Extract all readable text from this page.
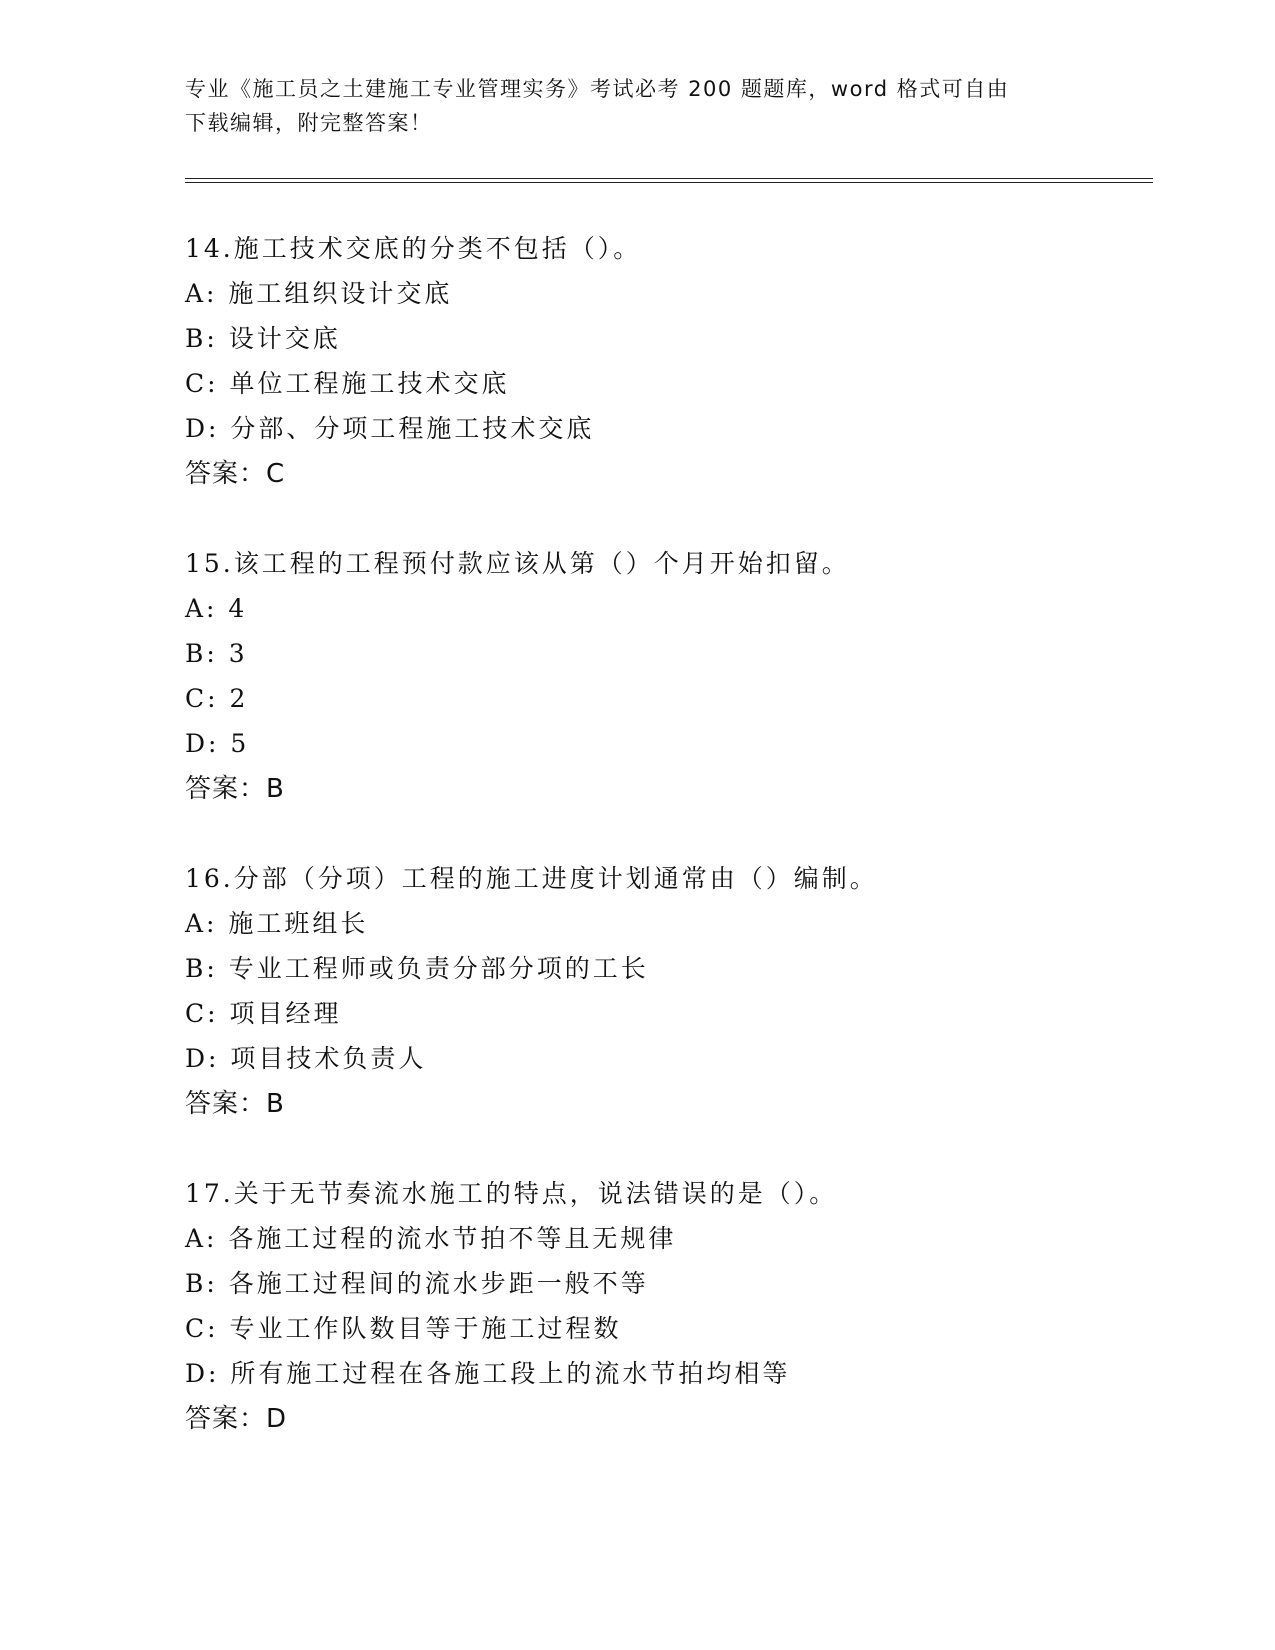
专业《施工员之土建施工专业管理实务》考试必考 200 题题库，word 格式可自由
下载编辑，附完整答案！
14.施工技术交底的分类不包括（）。
A: 施工组织设计交底
B: 设计交底
C: 单位工程施工技术交底
D: 分部、分项工程施工技术交底
答案：C
15.该工程的工程预付款应该从第（）个月开始扣留。
A: 4
B: 3
C: 2
D: 5
答案：B
16.分部（分项）工程的施工进度计划通常由（）编制。
A: 施工班组长
B: 专业工程师或负责分部分项的工长
C: 项目经理
D: 项目技术负责人
答案：B
17.关于无节奏流水施工的特点，说法错误的是（）。
A: 各施工过程的流水节拍不等且无规律
B: 各施工过程间的流水步距一般不等
C: 专业工作队数目等于施工过程数
D: 所有施工过程在各施工段上的流水节拍均相等
答案：D
